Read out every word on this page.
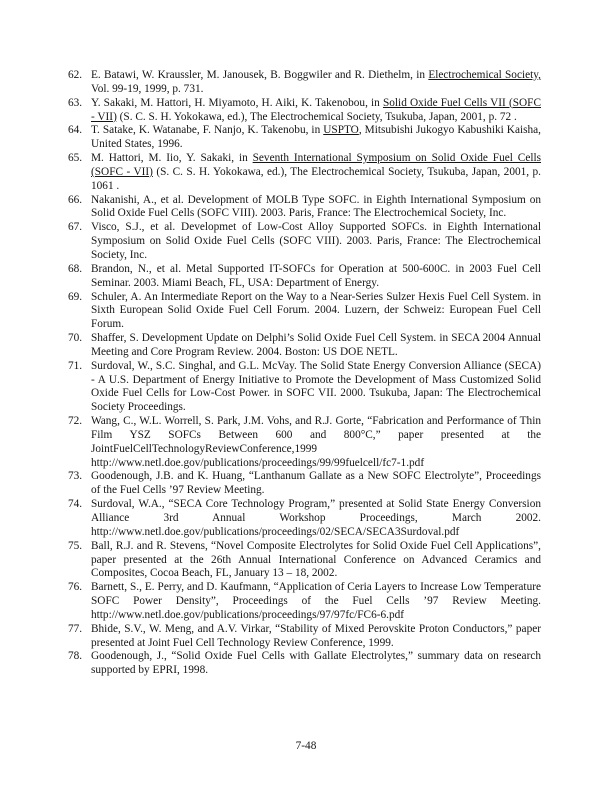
62. E. Batawi, W. Kraussler, M. Janousek, B. Boggwiler and R. Diethelm, in Electrochemical Society, Vol. 99-19, 1999, p. 731.
63. Y. Sakaki, M. Hattori, H. Miyamoto, H. Aiki, K. Takenobou, in Solid Oxide Fuel Cells VII (SOFC - VII) (S. C. S. H. Yokokawa, ed.), The Electrochemical Society, Tsukuba, Japan, 2001, p. 72 .
64. T. Satake, K. Watanabe, F. Nanjo, K. Takenobu, in USPTO, Mitsubishi Jukogyo Kabushiki Kaisha, United States, 1996.
65. M. Hattori, M. Iio, Y. Sakaki, in Seventh International Symposium on Solid Oxide Fuel Cells (SOFC - VII) (S. C. S. H. Yokokawa, ed.), The Electrochemical Society, Tsukuba, Japan, 2001, p. 1061 .
66. Nakanishi, A., et al. Development of MOLB Type SOFC. in Eighth International Symposium on Solid Oxide Fuel Cells (SOFC VIII). 2003. Paris, France: The Electrochemical Society, Inc.
67. Visco, S.J., et al. Developmet of Low-Cost Alloy Supported SOFCs. in Eighth International Symposium on Solid Oxide Fuel Cells (SOFC VIII). 2003. Paris, France: The Electrochemical Society, Inc.
68. Brandon, N., et al. Metal Supported IT-SOFCs for Operation at 500-600C. in 2003 Fuel Cell Seminar. 2003. Miami Beach, FL, USA: Department of Energy.
69. Schuler, A. An Intermediate Report on the Way to a Near-Series Sulzer Hexis Fuel Cell System. in Sixth European Solid Oxide Fuel Cell Forum. 2004. Luzern, der Schweiz: European Fuel Cell Forum.
70. Shaffer, S. Development Update on Delphi’s Solid Oxide Fuel Cell System. in SECA 2004 Annual Meeting and Core Program Review. 2004. Boston: US DOE NETL.
71. Surdoval, W., S.C. Singhal, and G.L. McVay. The Solid State Energy Conversion Alliance (SECA) - A U.S. Department of Energy Initiative to Promote the Development of Mass Customized Solid Oxide Fuel Cells for Low-Cost Power. in SOFC VII. 2000. Tsukuba, Japan: The Electrochemical Society Proceedings.
72. Wang, C., W.L. Worrell, S. Park, J.M. Vohs, and R.J. Gorte, “Fabrication and Performance of Thin Film YSZ SOFCs Between 600 and 800°C,” paper presented at the JointFuelCellTechnologyReviewConference,1999 http://www.netl.doe.gov/publications/proceedings/99/99fuelcell/fc7-1.pdf
73. Goodenough, J.B. and K. Huang, “Lanthanum Gallate as a New SOFC Electrolyte”, Proceedings of the Fuel Cells ’97 Review Meeting.
74. Surdoval, W.A., “SECA Core Technology Program,” presented at Solid State Energy Conversion Alliance 3rd Annual Workshop Proceedings, March 2002. http://www.netl.doe.gov/publications/proceedings/02/SECA/SECA3Surdoval.pdf
75. Ball, R.J. and R. Stevens, “Novel Composite Electrolytes for Solid Oxide Fuel Cell Applications”, paper presented at the 26th Annual International Conference on Advanced Ceramics and Composites, Cocoa Beach, FL, January 13 – 18, 2002.
76. Barnett, S., E. Perry, and D. Kaufmann, “Application of Ceria Layers to Increase Low Temperature SOFC Power Density”, Proceedings of the Fuel Cells ’97 Review Meeting. http://www.netl.doe.gov/publications/proceedings/97/97fc/FC6-6.pdf
77. Bhide, S.V., W. Meng, and A.V. Virkar, “Stability of Mixed Perovskite Proton Conductors,” paper presented at Joint Fuel Cell Technology Review Conference, 1999.
78. Goodenough, J., “Solid Oxide Fuel Cells with Gallate Electrolytes,” summary data on research supported by EPRI, 1998.
7-48
